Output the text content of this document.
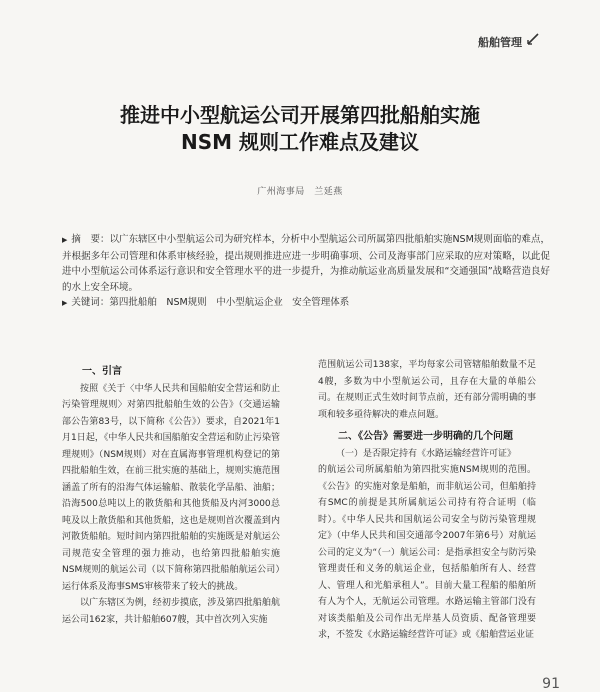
船舶管理
推进中小型航运公司开展第四批船舶实施
NSM 规则工作难点及建议
广州海事局　兰延燕
▶ 摘　要：以广东辖区中小型航运公司为研究样本，分析中小型航运公司所属第四批船舶实施NSM规则面临的难点，并根据多年公司管理和体系审核经验，提出规则推进应进一步明确事项、公司及海事部门应采取的应对策略，以此促进中小型航运公司体系运行意识和安全管理水平的进一步提升，为推动航运业高质量发展和“交通强国”战略营造良好的水上安全环境。
▶ 关键词：第四批船舶　NSM规则　中小型航运企业　安全管理体系

一、引言

按照《关于〈中华人民共和国船舶安全营运和防止污染管理规则〉对第四批船舶生效的公告》（交通运输部公告第83号，以下简称《公告》）要求，自2021年1月1日起，《中华人民共和国船舶安全营运和防止污染管理规则》（NSM规则）对在直属海事管理机构登记的第四批船舶生效，在前三批实施的基础上，规则实施范围涵盖了所有的沿海气体运输船、散装化学品船、油船；沿海500总吨以上的散货船和其他货船及内河3000总吨及以上散货船和其他货船，这也是规则首次覆盖到内河散货船舶。短时间内第四批船舶的实施既是对航运公司规范安全管理的强力推动，也给第四批船舶实施NSM规则的航运公司（以下简称第四批船舶航运公司）运行体系及海事SMS审核带来了较大的挑战。

以广东辖区为例，经初步摸底，涉及第四批船舶航运公司162家，共计船舶607艘，其中首次列入实施

范围航运公司138家，平均每家公司管辖船舶数量不足4艘，多数为中小型航运公司，且存在大量的单船公司。在规则正式生效时间节点前，还有部分需明确的事项和较多亟待解决的难点问题。

二、《公告》需要进一步明确的几个问题

（一）是否限定持有《水路运输经营许可证》

的航运公司所属船舶为第四批实施NSM规则的范围。《公告》的实施对象是船舶，而非航运公司，但船舶持有SMC的前提是其所属航运公司持有符合证明（临时）。《中华人民共和国航运公司安全与防污染管理规定》（中华人民共和国交通部令2007年第6号）对航运公司的定义为“（一）航运公司：是指承担安全与防污染管理责任和义务的航运企业，包括船舶所有人、经营人、管理人和光船承租人”。目前大量工程船的船舶所有人为个人，无航运公司管理。水路运输主管部门没有对该类船舶及公司作出无岸基人员资质、配备管理要求，不签发《水路运输经营许可证》或《船舶营运业证

91
